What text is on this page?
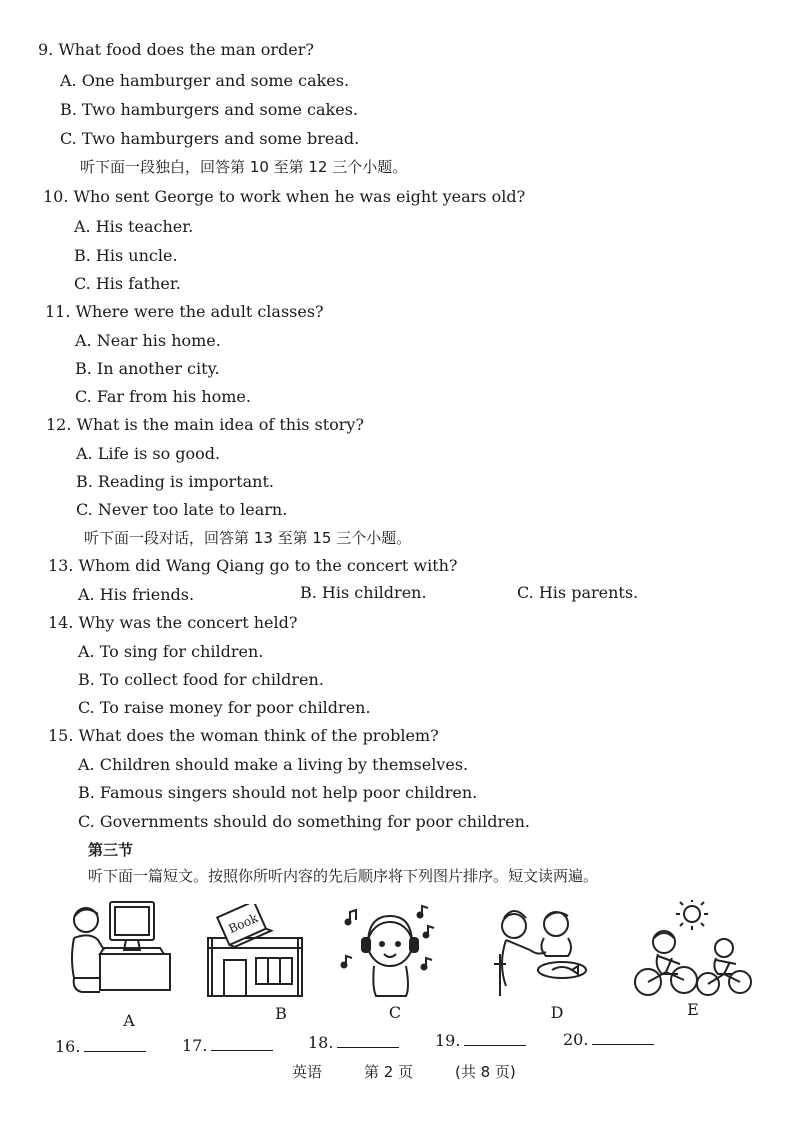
9. What food does the man order?
A. One hamburger and some cakes.
B. Two hamburgers and some cakes.
C. Two hamburgers and some bread.
听下面一段独白，回答第 10 至第 12 三个小题。
10. Who sent George to work when he was eight years old?
A. His teacher.
B. His uncle.
C. His father.
11. Where were the adult classes?
A. Near his home.
B. In another city.
C. Far from his home.
12. What is the main idea of this story?
A. Life is so good.
B. Reading is important.
C. Never too late to learn.
听下面一段对话，回答第 13 至第 15 三个小题。
13. Whom did Wang Qiang go to the concert with?
A. His friends.	B. His children.	C. His parents.
14. Why was the concert held?
A. To sing for children.
B. To collect food for children.
C. To raise money for poor children.
15. What does the woman think of the problem?
A. Children should make a living by themselves.
B. Famous singers should not help poor children.
C. Governments should do something for poor children.
第三节
听下面一篇短文。按照你所听内容的先后顺序将下列图片排序。短文读两遍。
A
Book
B	C	D	E
16.	17.	18.	19.	20.
英语	第 2 页	(共 8 页)
